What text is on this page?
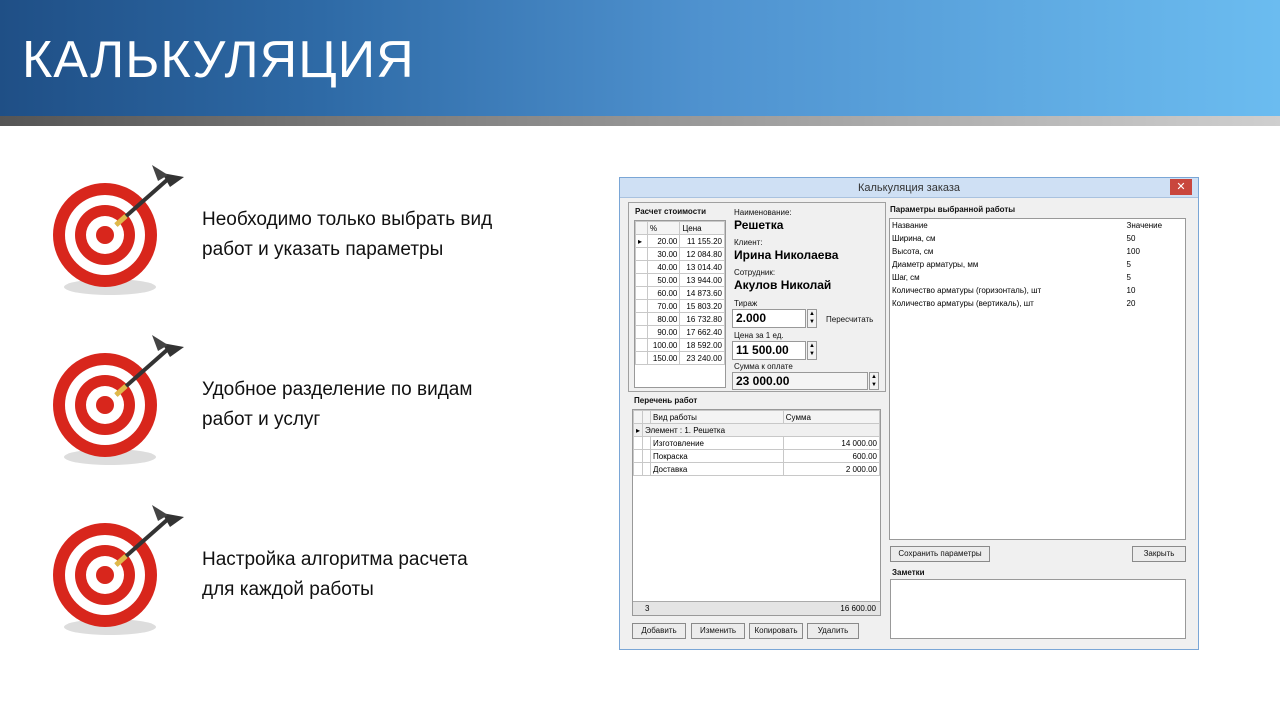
КАЛЬКУЛЯЦИЯ
Необходимо только выбрать вид
работ и указать параметры
Удобное разделение по видам
работ и услуг
Настройка алгоритма расчета
для каждой работы
Калькуляция заказа	✕
Расчет стоимости
	%	Цена
▸	20.00	11 155.20
	30.00	12 084.80
	40.00	13 014.40
	50.00	13 944.00
	60.00	14 873.60
	70.00	15 803.20
	80.00	16 732.80
	90.00	17 662.40
	100.00	18 592.00
	150.00	23 240.00
Наименование:
Решетка
Клиент:
Ирина Николаева
Сотрудник:
Акулов Николай
Тираж
2.000	▲
▼ Пересчитать
Цена за 1 ед.
11 500.00	▲
▼
Сумма к оплате
23 000.00	▲
▼
Перечень работ
		Вид работы	Сумма
▸	Элемент : 1. Решетка		
		Изготовление	14 000.00
		Покраска	600.00
		Доставка	2 000.00
3	16 600.00
Добавить	Изменить	Копировать	Удалить
Параметры выбранной работы
Название	Значение
Ширина, см	50
Высота, см	100
Диаметр арматуры, мм	5
Шаг, см	5
Количество арматуры (горизонталь), шт	10
Количество арматуры (вертикаль), шт	20
Сохранить параметры	Закрыть
Заметки
